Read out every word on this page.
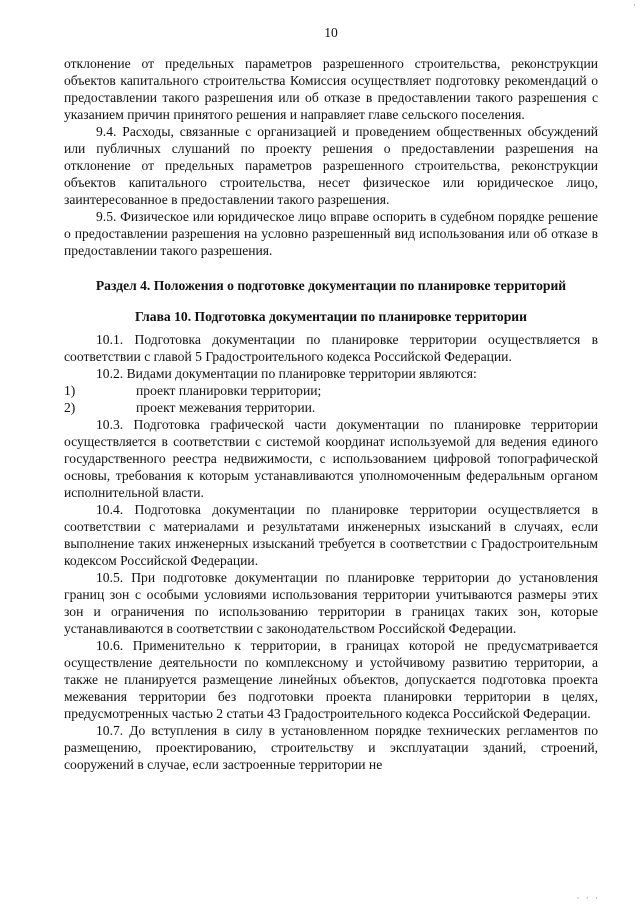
·
10

отклонение от предельных параметров разрешенного строительства, реконструкции объектов капитального строительства Комиссия осуществляет подготовку рекомендаций о предоставлении такого разрешения или об отказе в предоставлении такого разрешения с указанием причин принятого решения и направляет главе сельского поселения.

9.4. Расходы, связанные с организацией и проведением общественных обсуждений или публичных слушаний по проекту решения о предоставлении разрешения на отклонение от предельных параметров разрешенного строительства, реконструкции объектов капитального строительства, несет физическое или юридическое лицо, заинтересованное в предоставлении такого разрешения.

9.5. Физическое или юридическое лицо вправе оспорить в судебном порядке решение о предоставлении разрешения на условно разрешенный вид использования или об отказе в предоставлении такого разрешения.

Раздел 4. Положения о подготовке документации по планировке территорий
Глава 10. Подготовка документации по планировке территории

10.1. Подготовка документации по планировке территории осуществляется в соответствии с главой 5 Градостроительного кодекса Российской Федерации.

10.2. Видами документации по планировке территории являются:

1)	проект планировки территории;
2)	проект межевания территории.

10.3. Подготовка графической части документации по планировке территории осуществляется в соответствии с системой координат используемой для ведения единого государственного реестра недвижимости, с использованием цифровой топографической основы, требования к которым устанавливаются уполномоченным федеральным органом исполнительной власти.

10.4. Подготовка документации по планировке территории осуществляется в соответствии с материалами и результатами инженерных изысканий в случаях, если выполнение таких инженерных изысканий требуется в соответствии с Градостроительным кодексом Российской Федерации.

10.5. При подготовке документации по планировке территории до установления границ зон с особыми условиями использования территории учитываются размеры этих зон и ограничения по использованию территории в границах таких зон, которые устанавливаются в соответствии с законодательством Российской Федерации.

10.6. Применительно к территории, в границах которой не предусматривается осуществление деятельности по комплексному и устойчивому развитию территории, а также не планируется размещение линейных объектов, допускается подготовка проекта межевания территории без подготовки проекта планировки территории в целях, предусмотренных частью 2 статьи 43 Градостроительного кодекса Российской Федерации.

10.7. До вступления в силу в установленном порядке технических регламентов по размещению, проектированию, строительству и эксплуатации зданий, строений, сооружений в случае, если застроенные территории не

· · ·
